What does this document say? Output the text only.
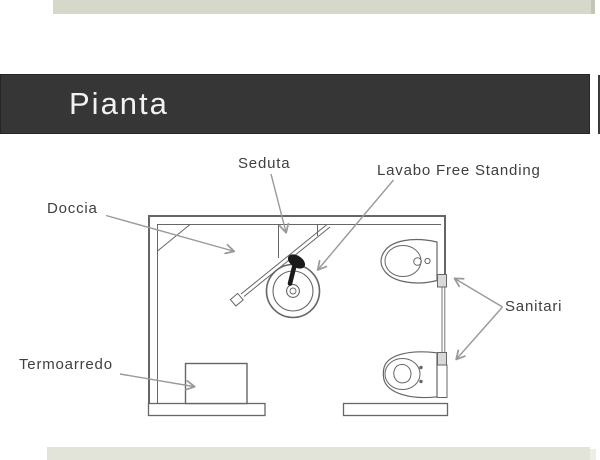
Pianta
Doccia
Seduta	Lavabo Free Standing
Sanitari
Termoarredo
